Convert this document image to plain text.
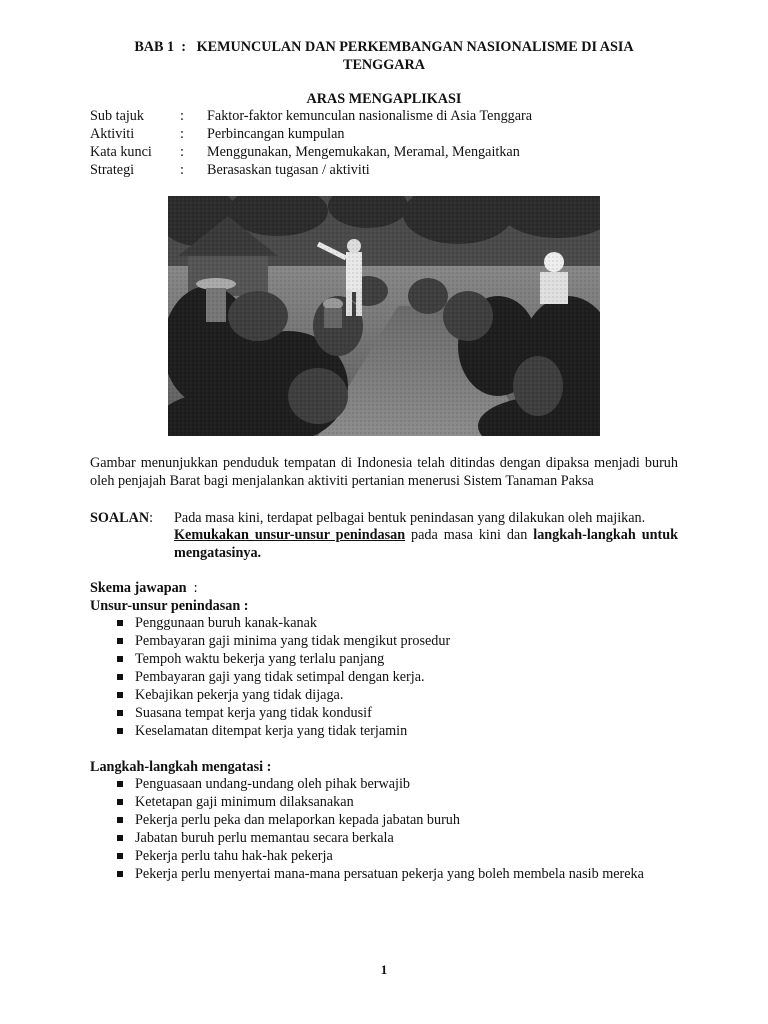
BAB 1  :   KEMUNCULAN DAN PERKEMBANGAN NASIONALISME DI ASIA
TENGGARA
ARAS MENGAPLIKASI
Sub tajuk	:	Faktor-faktor kemunculan nasionalisme di Asia Tenggara
Aktiviti	:	Perbincangan kumpulan
Kata kunci	:	Menggunakan, Mengemukakan, Meramal, Mengaitkan
Strategi	:	Berasaskan tugasan / aktiviti
Gambar menunjukkan penduduk tempatan di Indonesia telah ditindas dengan dipaksa menjadi buruh oleh penjajah Barat bagi menjalankan aktiviti pertanian menerusi Sistem Tanaman Paksa
SOALAN: Pada masa kini, terdapat pelbagai bentuk penindasan yang dilakukan oleh majikan.
Kemukakan unsur-unsur penindasan pada masa kini dan langkah-langkah untuk mengatasinya.
Skema jawapan :
Unsur-unsur penindasan :
Penggunaan buruh kanak-kanak
Pembayaran gaji minima yang tidak mengikut prosedur
Tempoh waktu bekerja yang terlalu panjang
Pembayaran gaji yang tidak setimpal dengan kerja.
Kebajikan pekerja yang tidak dijaga.
Suasana tempat kerja yang tidak kondusif
Keselamatan ditempat kerja yang tidak terjamin
Langkah-langkah mengatasi :
Penguasaan undang-undang oleh pihak berwajib
Ketetapan gaji minimum dilaksanakan
Pekerja perlu peka dan melaporkan kepada jabatan buruh
Jabatan buruh perlu memantau secara berkala
Pekerja perlu tahu hak-hak pekerja
Pekerja perlu menyertai mana-mana persatuan pekerja yang boleh membela nasib mereka
1
